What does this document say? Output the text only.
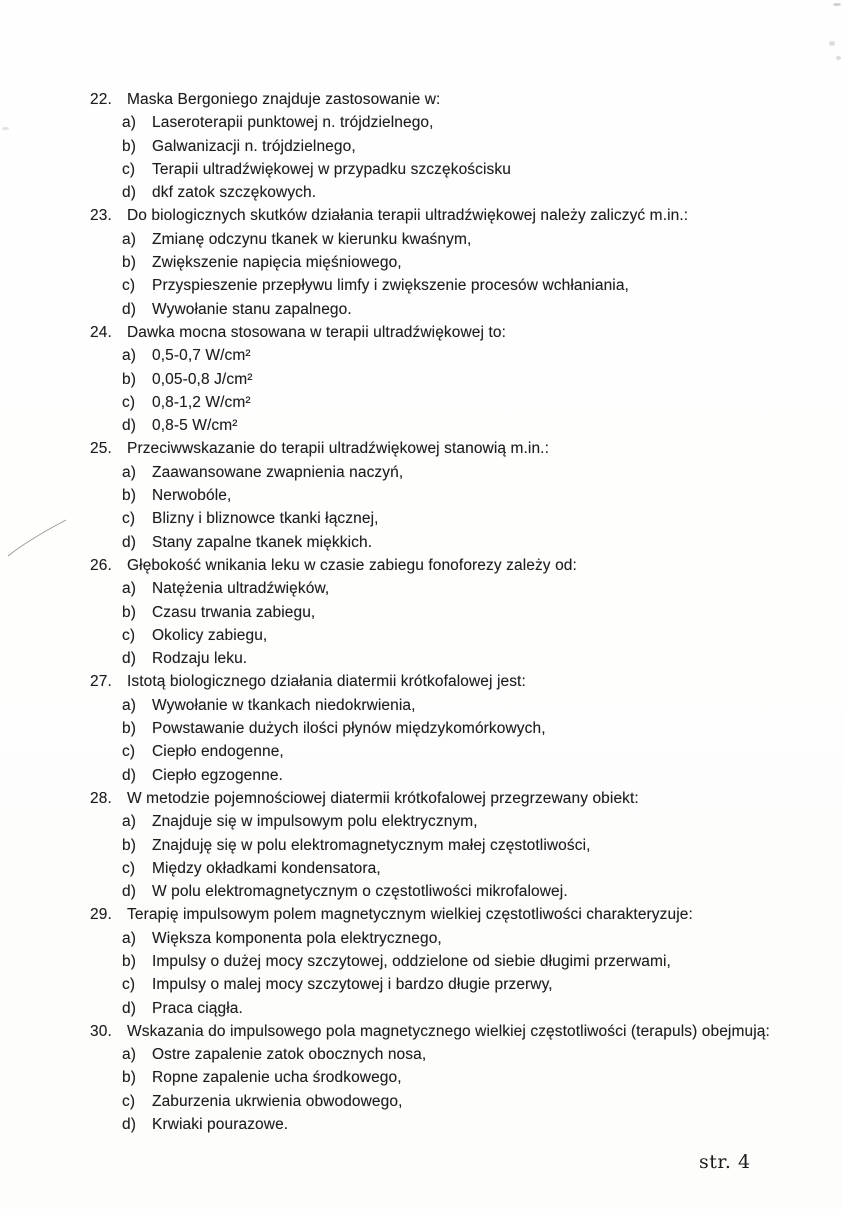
22. Maska Bergoniego znajduje zastosowanie w:
a)	Laseroterapii punktowej n. trójdzielnego,
b)	Galwanizacji n. trójdzielnego,
c)	Terapii ultradźwiękowej w przypadku szczękościsku
d)	dkf zatok szczękowych.
23. Do biologicznych skutków działania terapii ultradźwiękowej należy zaliczyć m.in.:
a)	Zmianę odczynu tkanek w kierunku kwaśnym,
b)	Zwiększenie napięcia mięśniowego,
c)	Przyspieszenie przepływu limfy i zwiększenie procesów wchłaniania,
d)	Wywołanie stanu zapalnego.
24. Dawka mocna stosowana w terapii ultradźwiękowej to:
a)	0,5-0,7 W/cm²
b)	0,05-0,8 J/cm²
c)	0,8-1,2 W/cm²
d)	0,8-5 W/cm²
25. Przeciwwskazanie do terapii ultradźwiękowej stanowią m.in.:
a)	Zaawansowane zwapnienia naczyń,
b)	Nerwobóle,
c)	Blizny i bliznowce tkanki łącznej,
d)	Stany zapalne tkanek miękkich.
26. Głębokość wnikania leku w czasie zabiegu fonoforezy zależy od:
a)	Natężenia ultradźwięków,
b)	Czasu trwania zabiegu,
c)	Okolicy zabiegu,
d)	Rodzaju leku.
27. Istotą biologicznego działania diatermii krótkofalowej jest:
a)	Wywołanie w tkankach niedokrwienia,
b)	Powstawanie dużych ilości płynów międzykomórkowych,
c)	Ciepło endogenne,
d)	Ciepło egzogenne.
28. W metodzie pojemnościowej diatermii krótkofalowej przegrzewany obiekt:
a)	Znajduje się w impulsowym polu elektrycznym,
b)	Znajduję się w polu elektromagnetycznym małej częstotliwości,
c)	Między okładkami kondensatora,
d)	W polu elektromagnetycznym o częstotliwości mikrofalowej.
29. Terapię impulsowym polem magnetycznym wielkiej częstotliwości charakteryzuje:
a)	Większa komponenta pola elektrycznego,
b)	Impulsy o dużej mocy szczytowej, oddzielone od siebie długimi przerwami,
c)	Impulsy o malej mocy szczytowej i bardzo długie przerwy,
d)	Praca ciągła.
30. Wskazania do impulsowego pola magnetycznego wielkiej częstotliwości (terapuls) obejmują:
a)	Ostre zapalenie zatok obocznych nosa,
b)	Ropne zapalenie ucha środkowego,
c)	Zaburzenia ukrwienia obwodowego,
d)	Krwiaki pourazowe.
str. 4
